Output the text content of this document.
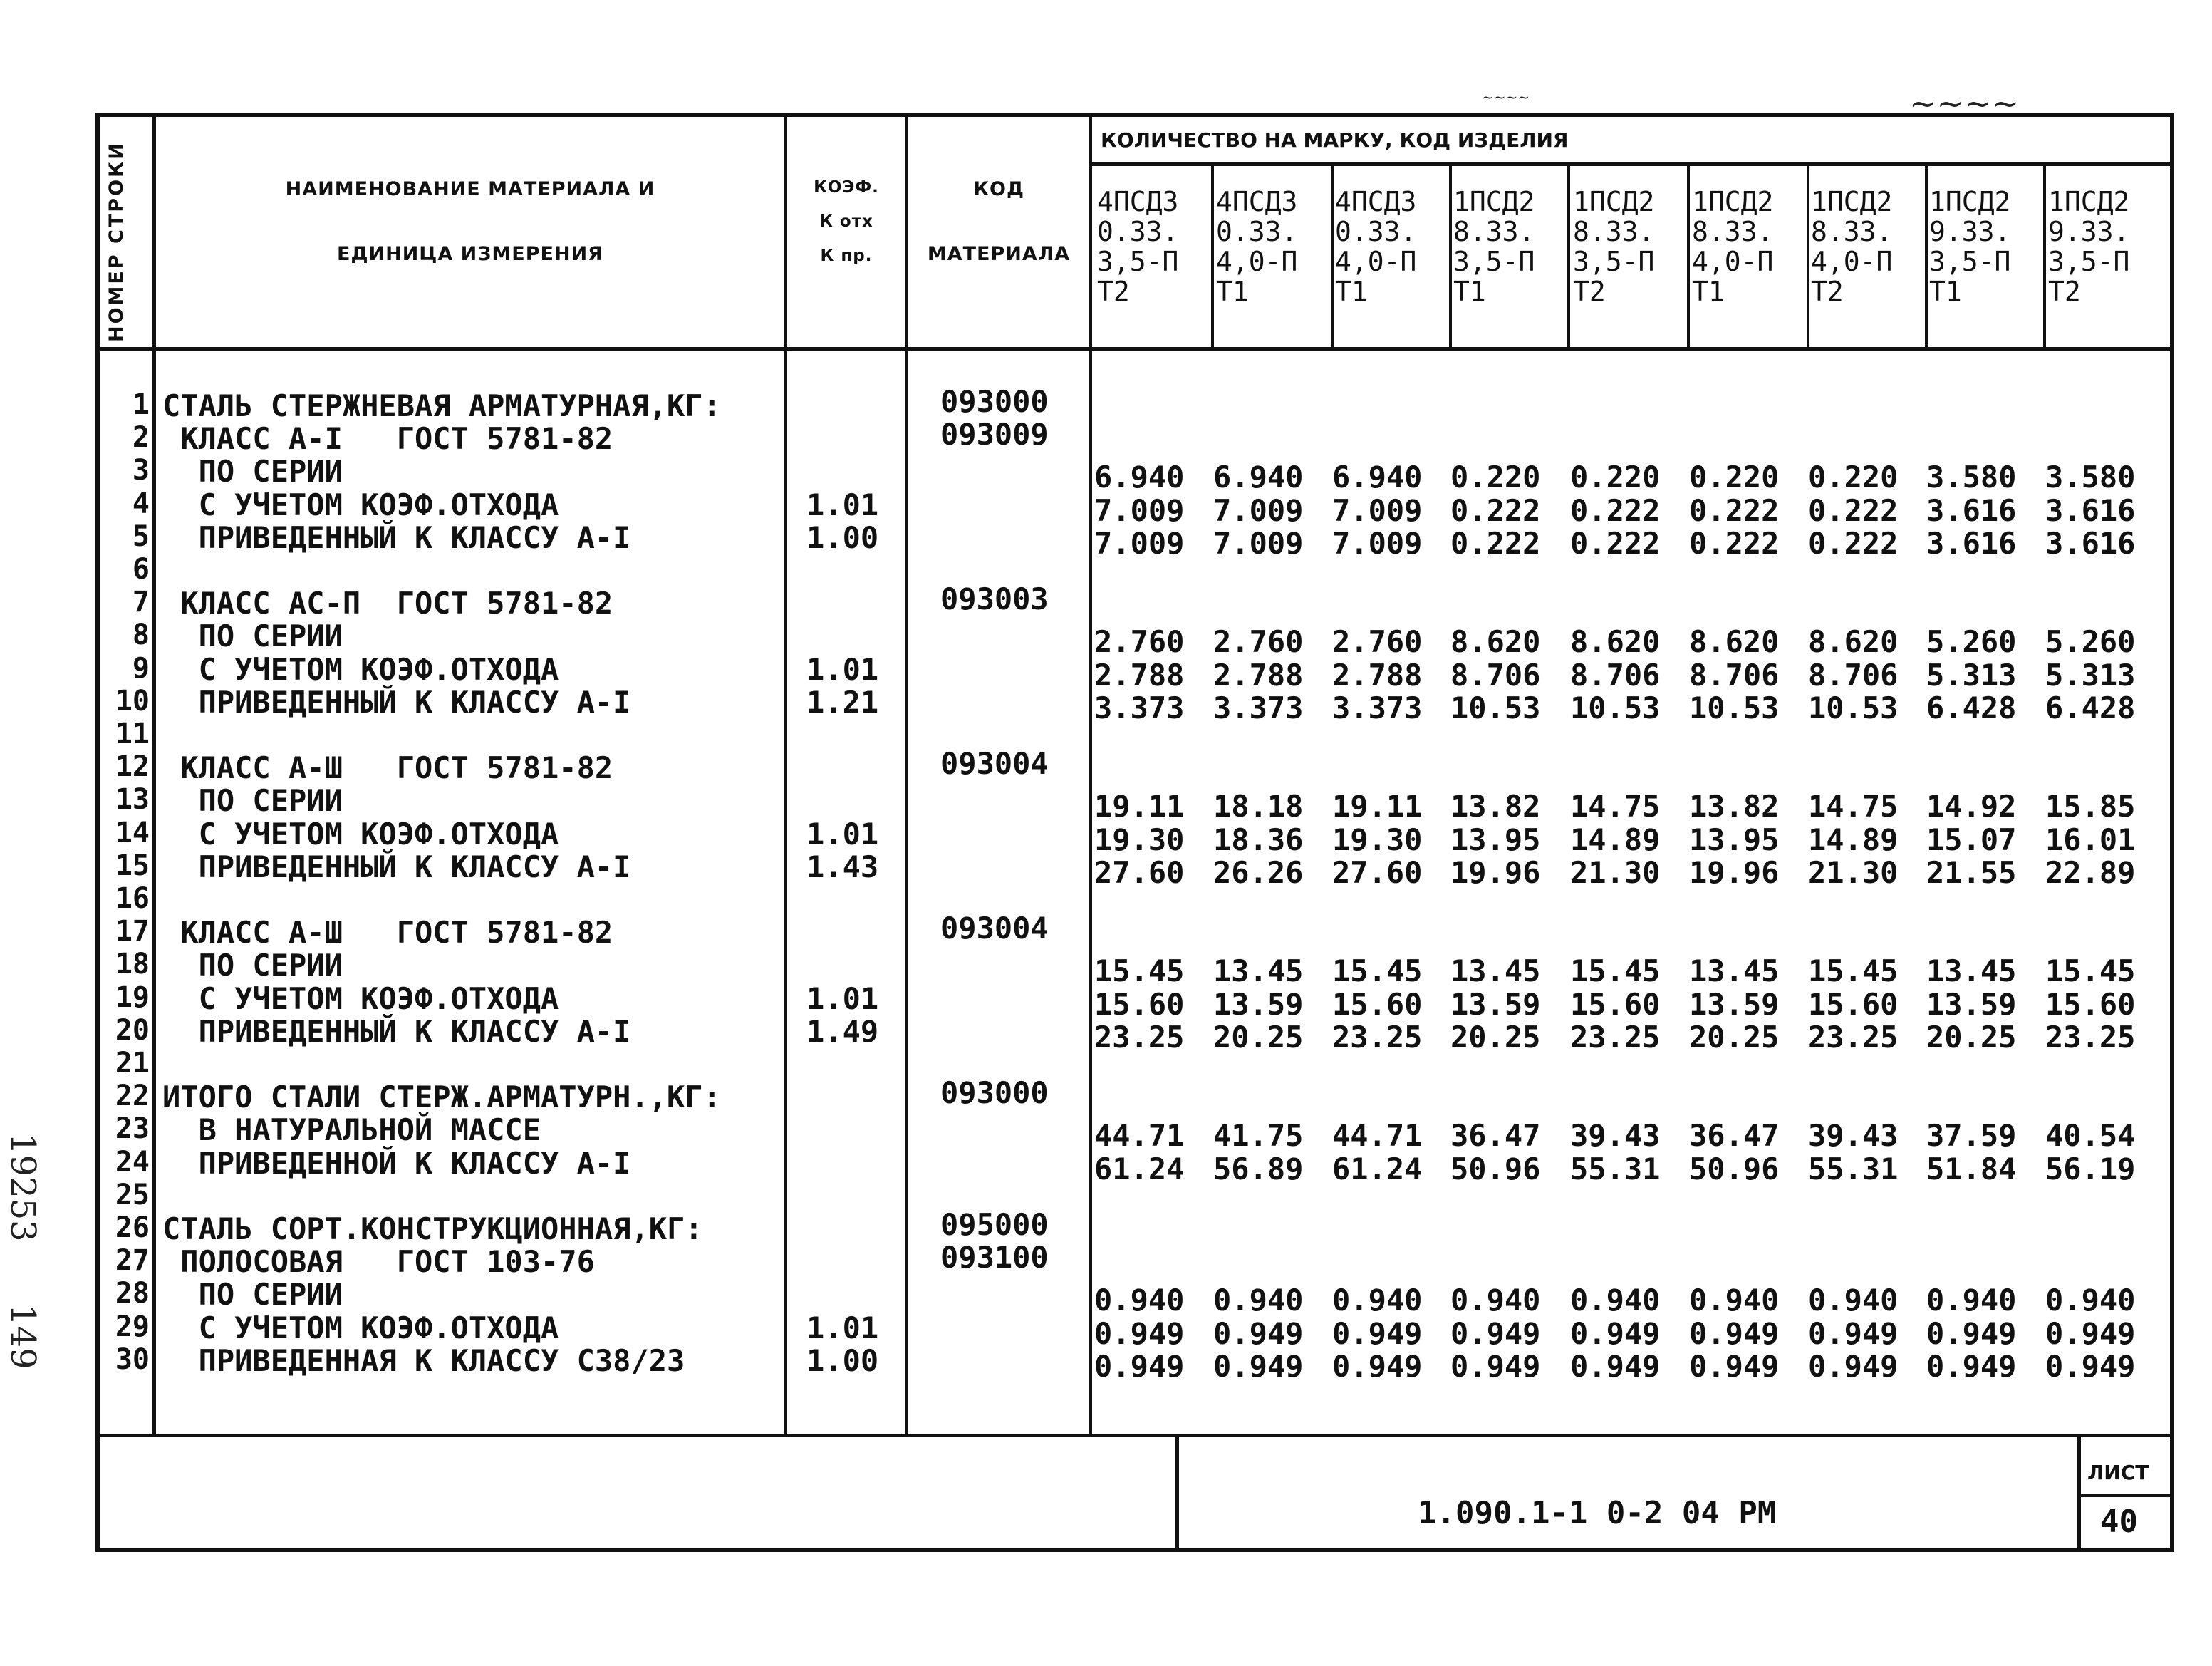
НОМЕР СТРОКИ	НАИМЕНОВАНИЕ МАТЕРИАЛА И
ЕДИНИЦА ИЗМЕРЕНИЯ
КОЭФ.
К отх
К пр.
КОД
МАТЕРИАЛА
КОЛИЧЕСТВО НА МАРКУ, КОД ИЗДЕЛИЯ
4ПСД3
0.33.
3,5-П
Т2
4ПСД3
0.33.
4,0-П
Т1
4ПСД3
0.33.
4,0-П
Т1
1ПСД2
8.33.
3,5-П
Т1
1ПСД2
8.33.
3,5-П
Т2
1ПСД2
8.33.
4,0-П
Т1
1ПСД2
8.33.
4,0-П
Т2
1ПСД2
9.33.
3,5-П
Т1
1ПСД2
9.33.
3,5-П
Т2
1 СТАЛЬ СТЕРЖНЕВАЯ АРМАТУРНАЯ,КГ:
2 КЛАСС А-I   ГОСТ 5781-82
3 ПО СЕРИИ
4 С УЧЕТОМ КОЭФ.ОТХОДА
5 ПРИВЕДЕННЫЙ К КЛАССУ А-I
6
7 КЛАСС АС-П  ГОСТ 5781-82
8 ПО СЕРИИ
9 С УЧЕТОМ КОЭФ.ОТХОДА
10 ПРИВЕДЕННЫЙ К КЛАССУ А-I
11
12 КЛАСС А-Ш   ГОСТ 5781-82
13 ПО СЕРИИ
14 С УЧЕТОМ КОЭФ.ОТХОДА
15 ПРИВЕДЕННЫЙ К КЛАССУ А-I
16
17 КЛАСС А-Ш   ГОСТ 5781-82
18 ПО СЕРИИ
19 С УЧЕТОМ КОЭФ.ОТХОДА
20 ПРИВЕДЕННЫЙ К КЛАССУ А-I
21
22 ИТОГО СТАЛИ СТЕРЖ.АРМАТУРН.,КГ:
23 В НАТУРАЛЬНОЙ МАССЕ
24 ПРИВЕДЕННОЙ К КЛАССУ А-I
25
26 СТАЛЬ СОРТ.КОНСТРУКЦИОННАЯ,КГ:
27 ПОЛОСОВАЯ   ГОСТ 103-76
28 ПО СЕРИИ
29 С УЧЕТОМ КОЭФ.ОТХОДА
30 ПРИВЕДЕННАЯ К КЛАССУ С38/23
1.01
1.00
1.01
1.21
1.01
1.43
1.01
1.49
1.01
1.00
093000
093009
093003
093004
093004
093000
095000
093100
6.940 6.940 6.940 0.220 0.220 0.220 0.220 3.580 3.580
7.009 7.009 7.009 0.222 0.222 0.222 0.222 3.616 3.616
7.009 7.009 7.009 0.222 0.222 0.222 0.222 3.616 3.616
2.760 2.760 2.760 8.620 8.620 8.620 8.620 5.260 5.260
2.788 2.788 2.788 8.706 8.706 8.706 8.706 5.313 5.313
3.373 3.373 3.373 10.53 10.53 10.53 10.53 6.428 6.428
19.11 18.18 19.11 13.82 14.75 13.82 14.75 14.92 15.85
19.30 18.36 19.30 13.95 14.89 13.95 14.89 15.07 16.01
27.60 26.26 27.60 19.96 21.30 19.96 21.30 21.55 22.89
15.45 13.45 15.45 13.45 15.45 13.45 15.45 13.45 15.45
15.60 13.59 15.60 13.59 15.60 13.59 15.60 13.59 15.60
23.25 20.25 23.25 20.25 23.25 20.25 23.25 20.25 23.25
44.71 41.75 44.71 36.47 39.43 36.47 39.43 37.59 40.54
61.24 56.89 61.24 50.96 55.31 50.96 55.31 51.84 56.19
0.940 0.940 0.940 0.940 0.940 0.940 0.940 0.940 0.940
0.949 0.949 0.949 0.949 0.949 0.949 0.949 0.949 0.949
0.949 0.949 0.949 0.949 0.949 0.949 0.949 0.949 0.949
1.090.1-1 0-2 04 РМ
ЛИСТ
40
19253
149
~~~~
~~~~
